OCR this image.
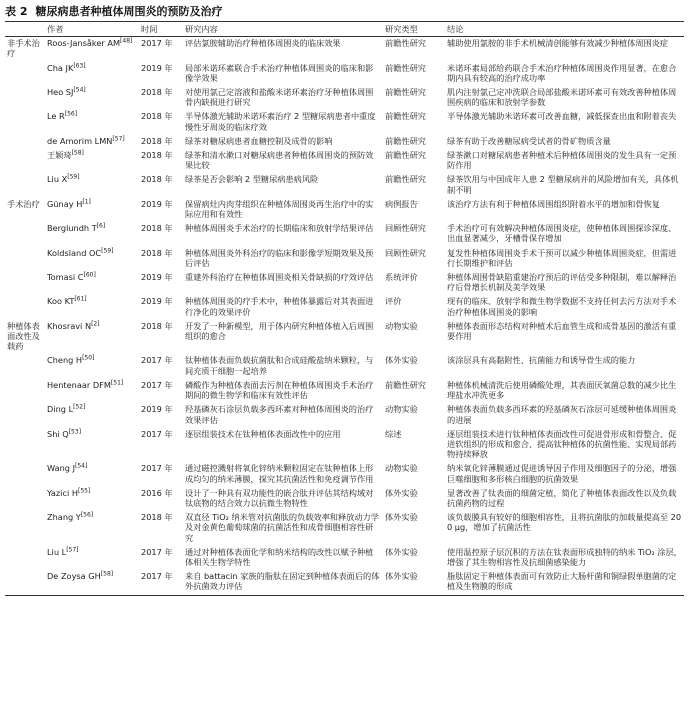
表 2 糖尿病患者种植体周围炎的预防及治疗

	作者	时间	研究内容	研究类型	结论
非手术治疗	Roos-Jansåker AM[48]	2017 年	评估氯胺辅助治疗种植体周围炎的临床效果	前瞻性研究	辅助使用氯胺的非手术机械清创能够有效减少种植体周围炎症
	Cha JK[63]	2019 年	局部米诺环素联合手术治疗种植体周围炎的临床和影像学效果	前瞻性研究	米诺环素局部给药联合手术治疗种植体周围炎作用显著，在愈合期内具有较高的治疗成功率
	Heo SJ[54]	2018 年	对使用氯己定溶液和盐酸米诺环素治疗牙种植体周围骨内缺损进行研究	前瞻性研究	肌内注射氯己定冲洗联合局部盐酸米诺环素可有效改善种植体周围疾病的临床和放射学参数
	Le R[56]	2018 年	半导体激光辅助米诺环素治疗 2 型糖尿病患者中重度慢性牙周炎的临床疗效	前瞻性研究	半导体激光辅助米诺环素可改善血糖，减低探查出血和附着丧失
	de Amorim LMN[57]	2018 年	绿茶对糖尿病患者血糖控制及成骨的影响	前瞻性研究	绿茶有助于改善糖尿病受试者的骨矿物质含量
	王颖琦[58]	2018 年	绿茶和清水漱口对糖尿病患者种植体周围炎的预防效果比较	前瞻性研究	绿茶漱口对糖尿病患者种植术后种植体周围炎的发生具有一定预防作用
	Liu X[59]	2018 年	绿茶是否会影响 2 型糖尿病患病风险	前瞻性研究	绿茶饮用与中国成年人患 2 型糖尿病并的风险增加有关，具体机制不明
手术治疗	Günay H[1]	2019 年	保留病灶内肉芽组织在种植体周围炎再生治疗中的实际应用和有效性	病例报告	该治疗方法有利于种植体周围组织附着水平的增加和骨恢复
	Berglundh T[6]	2018 年	种植体周围炎手术治疗的长期临床和放射学结果评估	回顾性研究	手术治疗可有效解决种植体周围炎症，使种植体周围探诊深度、出血显著减少，牙槽骨保存增加
	Koldsland OC[59]	2018 年	种植体周围炎外科治疗的临床和影像学短期效果及预后评估	回顾性研究	复发性种植体周围炎手术干预可以减少种植体周围炎症，但需进行长期维护和评估
	Tomasi C[60]	2019 年	重建外科治疗在种植体周围炎相关骨缺损的疗效评估	系统评价	种植体周围骨缺陷重建治疗预后的评估受多种限制，难以解释治疗后骨增长机制及美学效果
	Koo KT[61]	2019 年	种植体周围炎的疗手术中，种植体暴露后对其表面进行净化的效果评价	评价	现有的临床、放射学和微生物学数据不支持任何去污方法对手术治疗种植体周围炎的影响
种植体表面改性及载药	Khosravi N[2]	2018 年	开发了一种新模型，用于体内研究种植体植入后周围组织的愈合	动物实验	种植体表面形态结构对种植术后血管生成和成骨基因的激活有重要作用
	Cheng H[50]	2017 年	钛种植体表面负载抗菌肽和合成硅酸盐纳米颗粒，与间充质干细胞一起培养	体外实验	该涂层具有高黏附性、抗菌能力和诱导骨生成的能力
	Hentenaar DFM[51]	2017 年	磷酸作为种植体表面去污剂在种植体周围炎手术治疗期间的微生物学和临床有效性评估	前瞻性研究	种植体机械清洗后使用磷酸处理，其表面厌氧菌总数的减少比生理盐水冲洗更多
	Ding L[52]	2019 年	羟基磷灰石涂层负载多西环素对种植体周围炎的治疗效果评估	动物实验	种植体表面负载多西环素的羟基磷灰石涂层可延缓种植体周围炎的进展
	Shi Q[53]	2017 年	逐层组装技术在钛种植体表面改性中的应用	综述	逐层组装技术进行钛种植体表面改性可促进骨形成和骨整合、促进软组织的形成和愈合、提高钛种植体的抗菌性能、实现局部药物持续释放
	Wang J[54]	2017 年	通过磁控溅射将氧化锌纳米颗粒固定在钛种植体上形成均匀的纳米薄膜，探究其抗菌活性和免疫调节作用	动物实验	纳米氧化锌薄膜通过促进诱导因子作用及细胞因子的分泌，增强巨噬细胞和多形核白细胞的抗菌效果
	Yazici H[55]	2016 年	设计了一种具有双功能性的嵌合肽并评估其结构域对钛底物的结合效力以抗微生物特性	体外实验	显著改善了钛表面的细菌定植，简化了种植体表面改性以及负载抗菌药物的过程
	Zhang Y[56]	2018 年	双直径 TiO₂ 纳米管对抗菌肽的负载效率和释放动力学及对金黄色葡萄球菌的抗菌活性和成骨细胞相容性研究	体外实验	该负载膜具有较好的细胞相容性，且将抗菌肽的加载量提高至 200 μg，增加了抗菌活性
	Liu L[57]	2017 年	通过对种植体表面化学和纳米结构的改性以赋予种植体相关生物学特性	体外实验	使用温控原子层沉积的方法在钛表面形成独特的纳米 TiO₂ 涂层，增强了其生物相容性及抗细菌感染能力
	De Zoysa GH[58]	2017 年	来自 battacin 家族的脂肽在固定到种植体表面后的体外抗菌效力评估	体外实验	脂肽固定于种植体表面可有效防止大肠杆菌和铜绿假单胞菌的定植及生物膜的形成
